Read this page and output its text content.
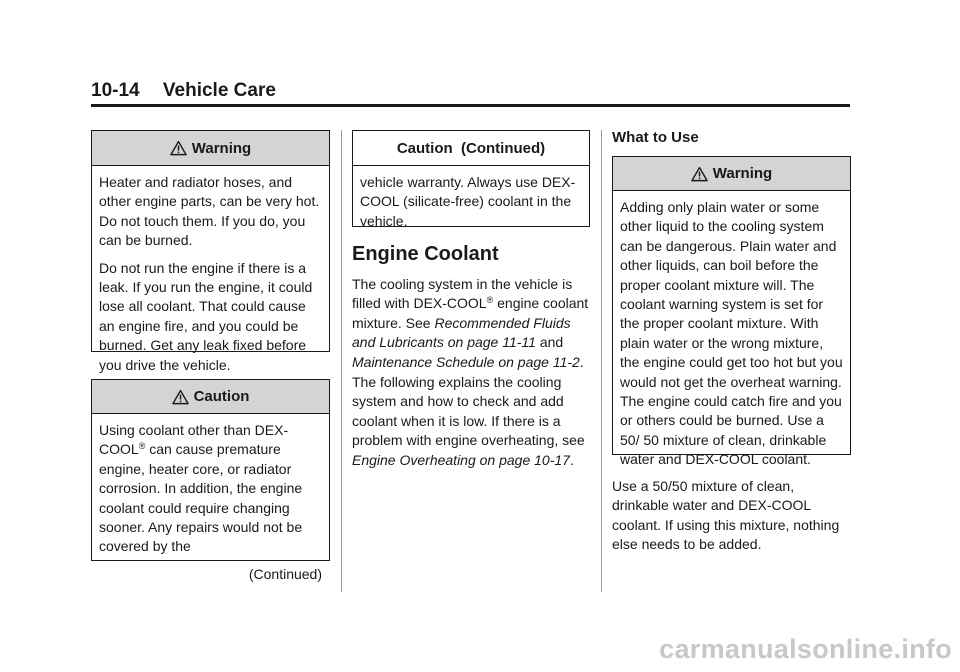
10-14 Vehicle Care
Warning

Heater and radiator hoses, and other engine parts, can be very hot. Do not touch them. If you do, you can be burned.

Do not run the engine if there is a leak. If you run the engine, it could lose all coolant. That could cause an engine fire, and you could be burned. Get any leak fixed before you drive the vehicle.

Caution

Using coolant other than DEX-COOL® can cause premature engine, heater core, or radiator corrosion. In addition, the engine coolant could require changing sooner. Any repairs would not be covered by the

(Continued)
Caution  (Continued)

vehicle warranty. Always use DEX-COOL (silicate-free) coolant in the vehicle.

Engine Coolant

The cooling system in the vehicle is filled with DEX-COOL® engine coolant mixture. See Recommended Fluids and Lubricants on page 11-11 and Maintenance Schedule on page 11-2.

The following explains the cooling system and how to check and add coolant when it is low. If there is a problem with engine overheating, see Engine Overheating on page 10-17.

What to Use
Warning

Adding only plain water or some other liquid to the cooling system can be dangerous. Plain water and other liquids, can boil before the proper coolant mixture will. The coolant warning system is set for the proper coolant mixture. With plain water or the wrong mixture, the engine could get too hot but you would not get the overheat warning. The engine could catch fire and you or others could be burned. Use a 50/ 50 mixture of clean, drinkable water and DEX-COOL coolant.

Use a 50/50 mixture of clean, drinkable water and DEX-COOL coolant. If using this mixture, nothing else needs to be added.

carmanualsonline.info
